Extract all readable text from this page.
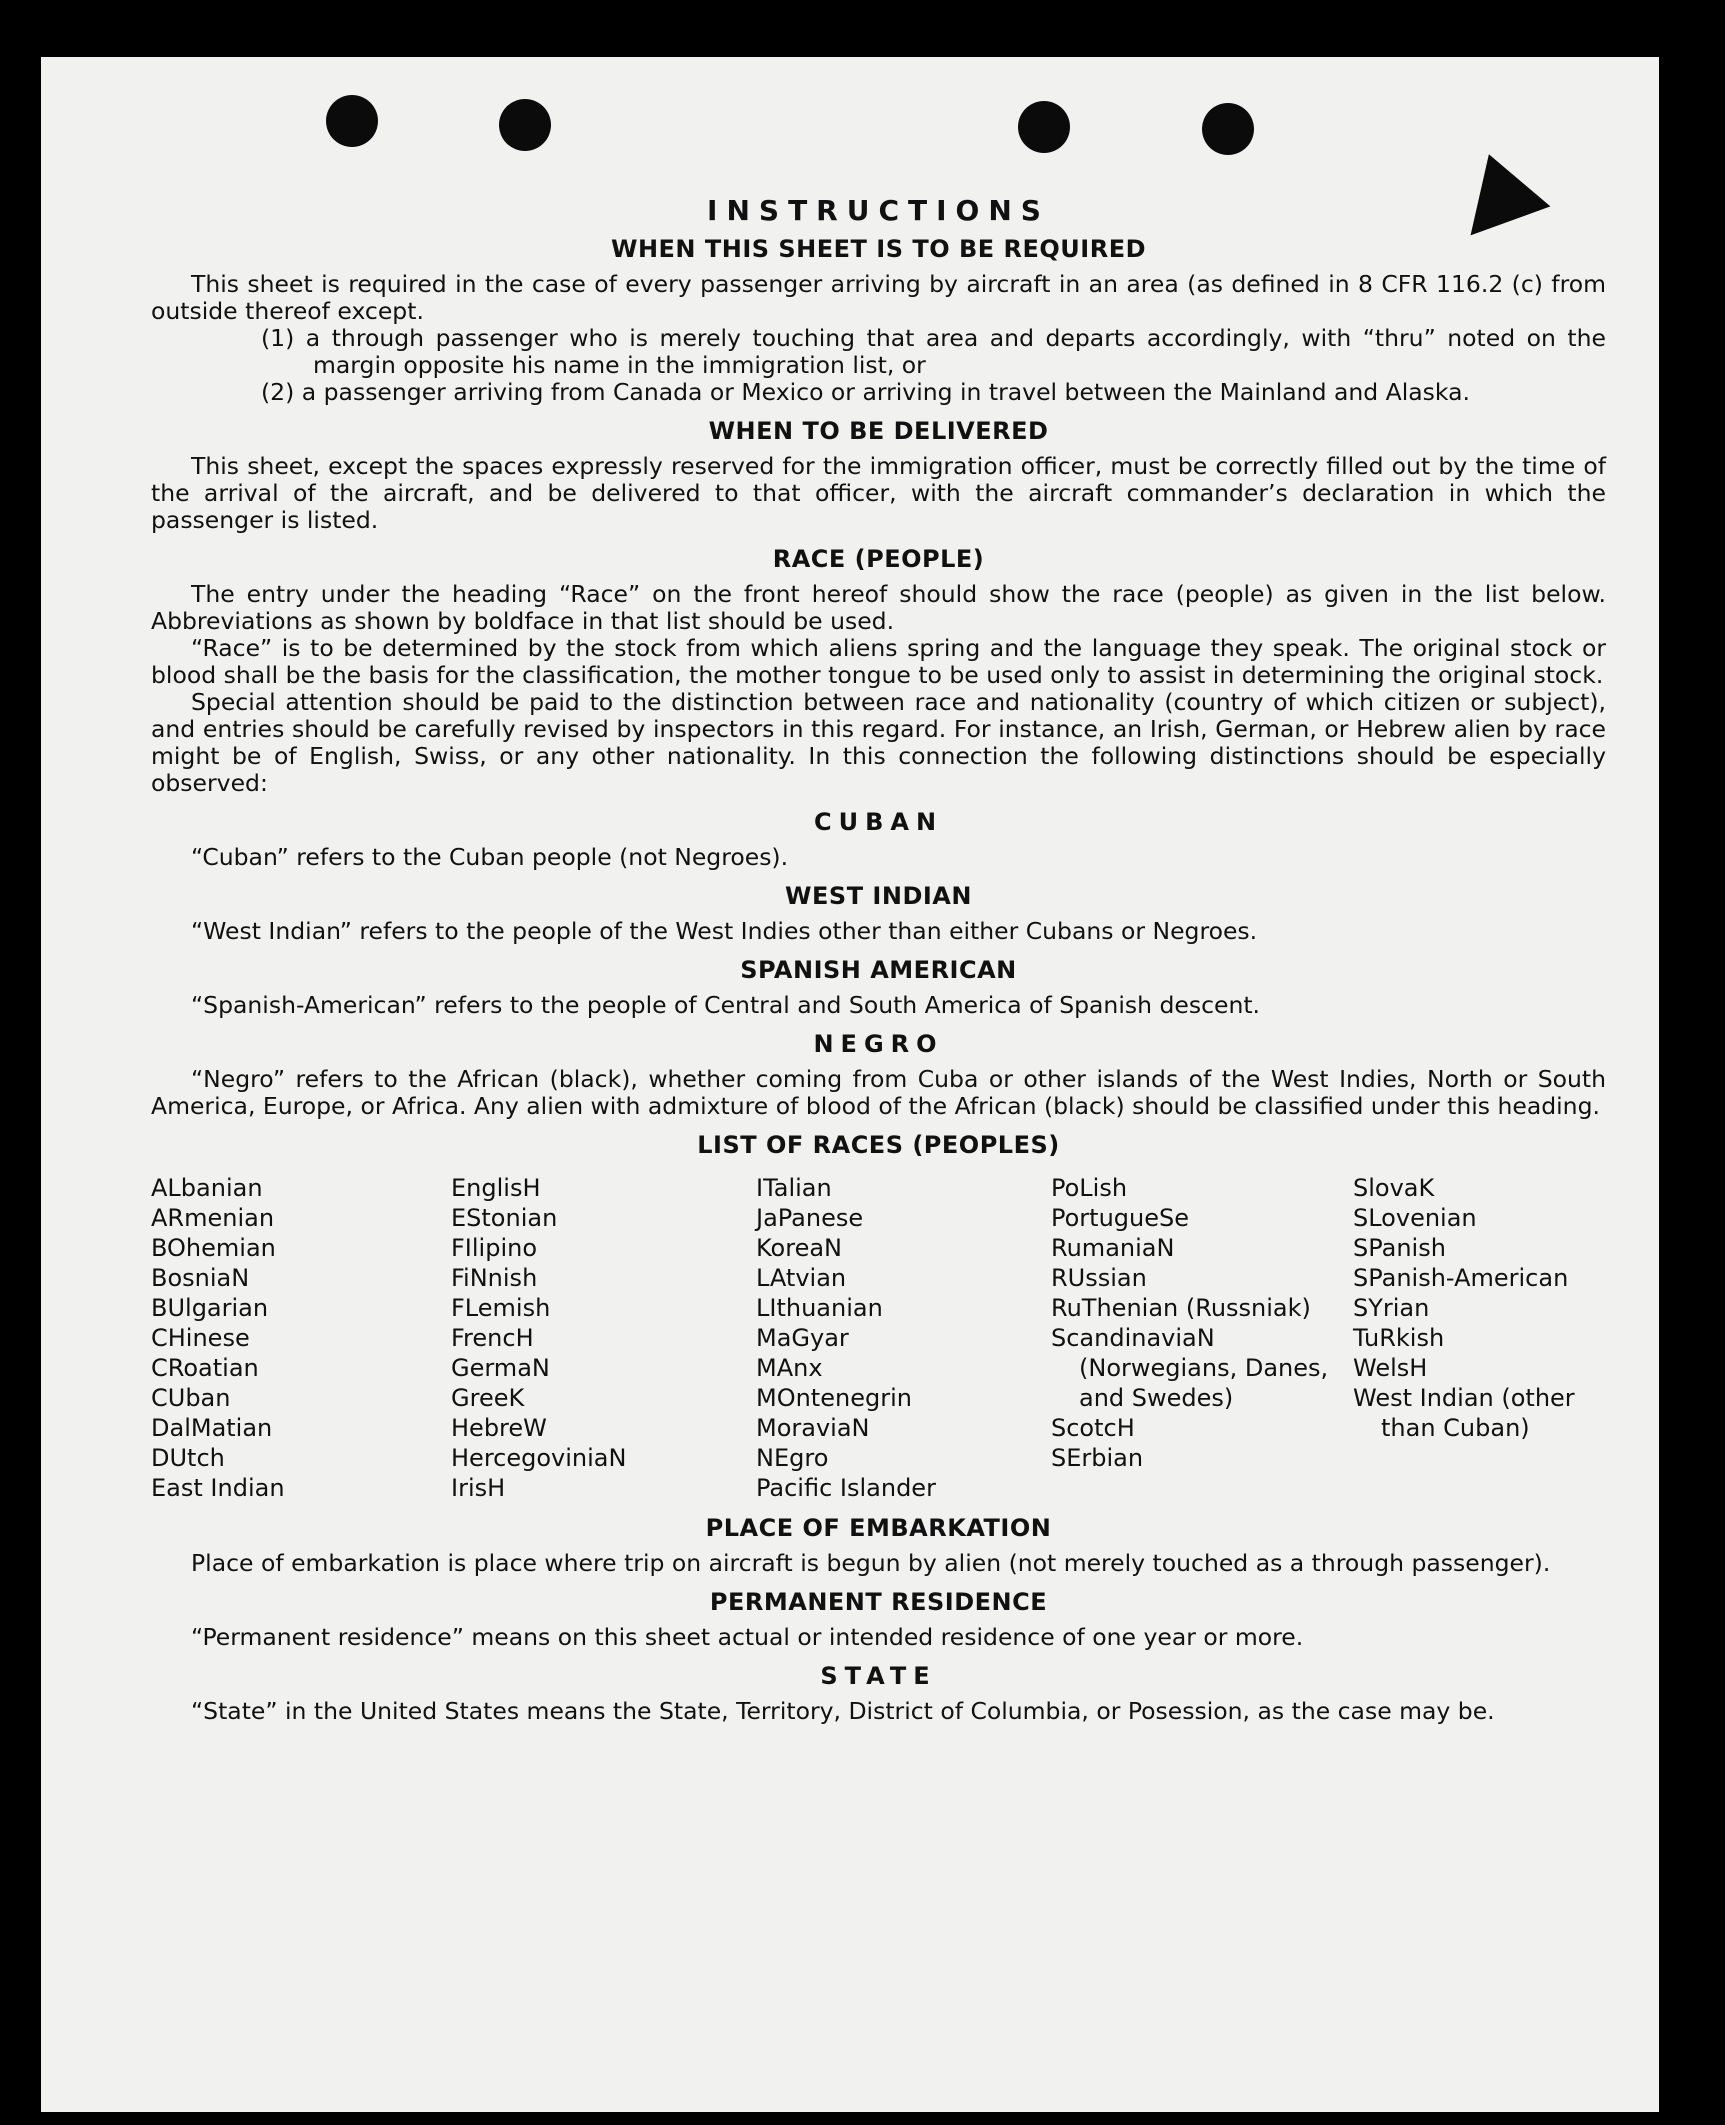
INSTRUCTIONS
WHEN THIS SHEET IS TO BE REQUIRED

This sheet is required in the case of every passenger arriving by aircraft in an area (as defined in 8 CFR 116.2 (c) from outside thereof except.

(1) a through passenger who is merely touching that area and departs accordingly, with “thru” noted on the margin opposite his name in the immigration list, or

(2) a passenger arriving from Canada or Mexico or arriving in travel between the Mainland and Alaska.

WHEN TO BE DELIVERED

This sheet, except the spaces expressly reserved for the immigration officer, must be correctly filled out by the time of the arrival of the aircraft, and be delivered to that officer, with the aircraft commander’s declaration in which the passenger is listed.

RACE (PEOPLE)

The entry under the heading “Race” on the front hereof should show the race (people) as given in the list below. Abbreviations as shown by boldface in that list should be used.

“Race” is to be determined by the stock from which aliens spring and the language they speak. The original stock or blood shall be the basis for the classification, the mother tongue to be used only to assist in determining the original stock.

Special attention should be paid to the distinction between race and nationality (country of which citizen or subject), and entries should be carefully revised by inspectors in this regard. For instance, an Irish, German, or Hebrew alien by race might be of English, Swiss, or any other nationality. In this connection the following distinctions should be especially observed:

CUBAN

“Cuban” refers to the Cuban people (not Negroes).

WEST INDIAN

“West Indian” refers to the people of the West Indies other than either Cubans or Negroes.

SPANISH AMERICAN

“Spanish-American” refers to the people of Central and South America of Spanish descent.

NEGRO

“Negro” refers to the African (black), whether coming from Cuba or other islands of the West Indies, North or South America, Europe, or Africa. Any alien with admixture of blood of the African (black) should be classified under this heading.

LIST OF RACES (PEOPLES)
ALbanian
ARmenian
BOhemian
BosniaN
BUlgarian
CHinese
CRoatian
CUban
DalMatian
DUtch
East Indian
EnglisH
EStonian
FIlipino
FiNnish
FLemish
FrencH
GermaN
GreeK
HebreW
HercegoviniaN
IrisH
ITalian
JaPanese
KoreaN
LAtvian
LIthuanian
MaGyar
MAnx
MOntenegrin
MoraviaN
NEgro
Pacific Islander
PoLish
PortugueSe
RumaniaN
RUssian
RuThenian (Russniak)
ScandinaviaN (Norwegians, Danes, and Swedes)
ScotcH
SErbian
SlovaK
SLovenian
SPanish
SPanish-American
SYrian
TuRkish
WelsH
West Indian (other than Cuban)
PLACE OF EMBARKATION

Place of embarkation is place where trip on aircraft is begun by alien (not merely touched as a through passenger).

PERMANENT RESIDENCE

“Permanent residence” means on this sheet actual or intended residence of one year or more.

STATE

“State” in the United States means the State, Territory, District of Columbia, or Posession, as the case may be.
